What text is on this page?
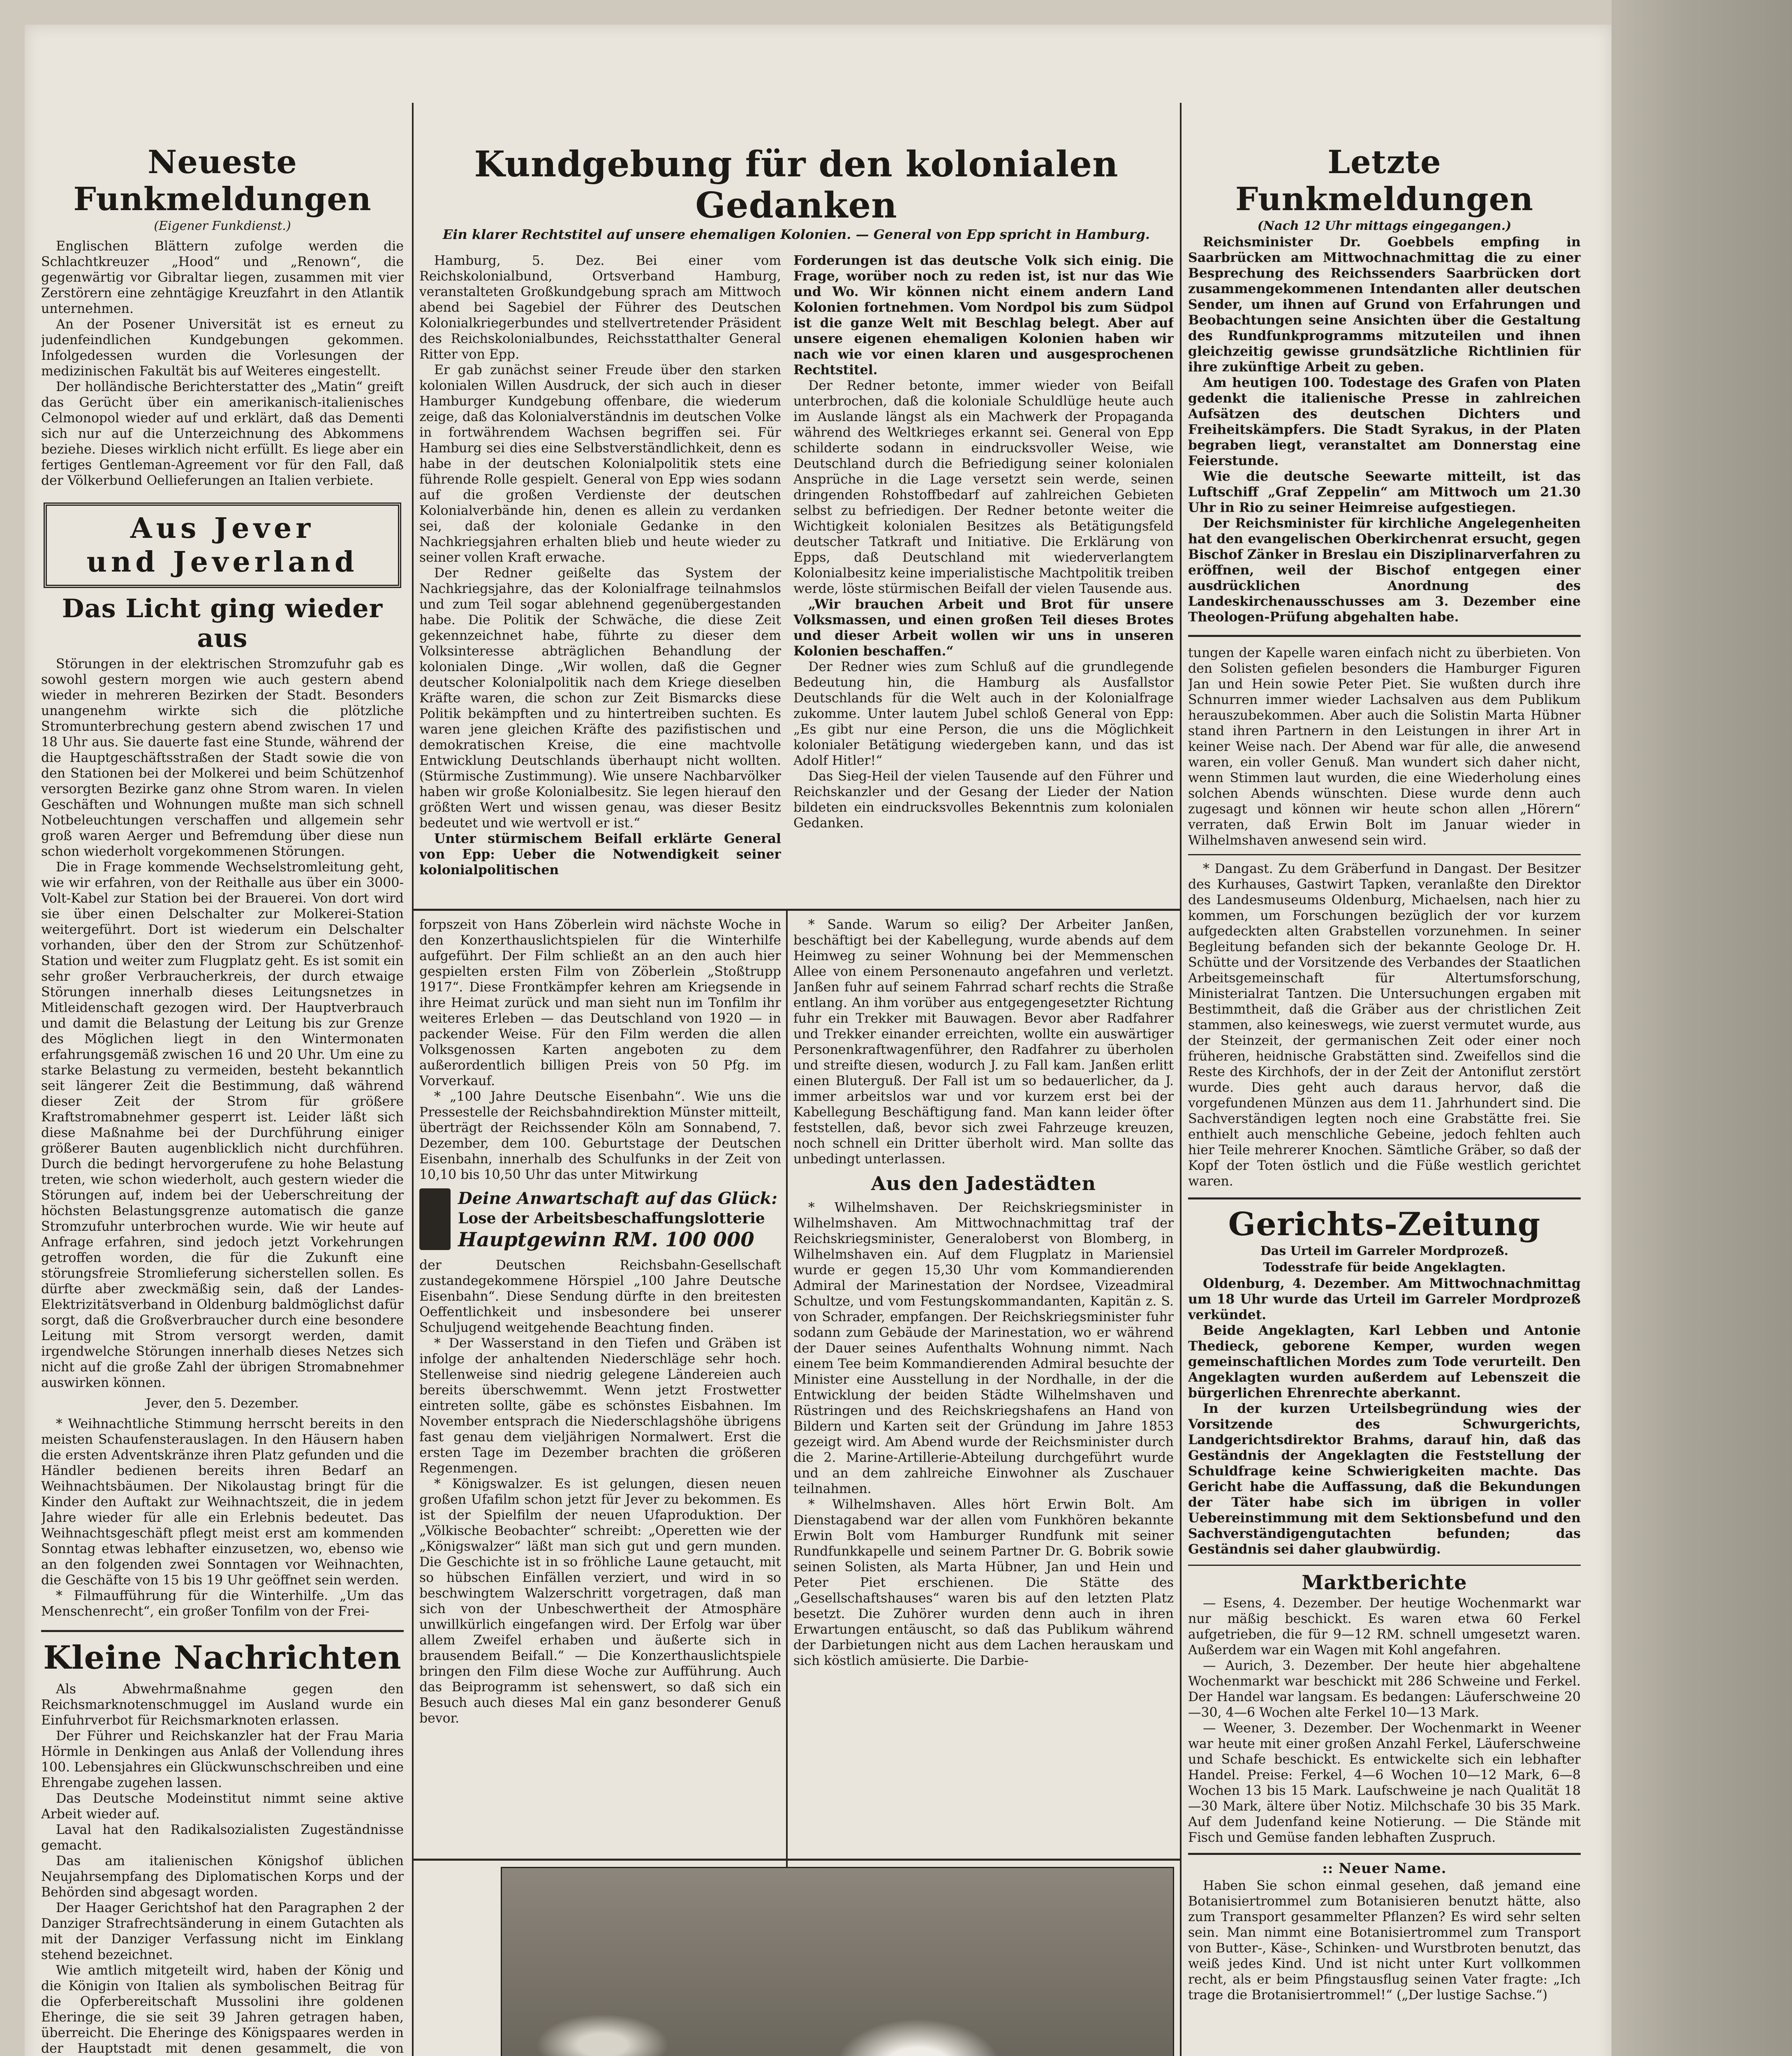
Neueste Funkmeldungen

(Eigener Funkdienst.)

Englischen Blättern zufolge werden die Schlachtkreuzer „Hood“ und „Renown“, die gegenwärtig vor Gibraltar liegen, zusammen mit vier Zerstörern eine zehntägige Kreuzfahrt in den Atlantik unternehmen.

An der Posener Universität ist es erneut zu judenfeindlichen Kundgebungen gekommen. Infolgedessen wurden die Vorlesungen der medizinischen Fakultät bis auf Weiteres eingestellt.

Der holländische Berichterstatter des „Matin“ greift das Gerücht über ein amerikanisch-italienisches Celmonopol wieder auf und erklärt, daß das Dementi sich nur auf die Unterzeichnung des Abkommens beziehe. Dieses wirklich nicht erfüllt. Es liege aber ein fertiges Gentleman-Agreement vor für den Fall, daß der Völkerbund Oellieferungen an Italien verbiete.

Aus Jever
und Jeverland
Das Licht ging wieder aus

Störungen in der elektrischen Stromzufuhr gab es sowohl gestern morgen wie auch gestern abend wieder in mehreren Bezirken der Stadt. Besonders unangenehm wirkte sich die plötzliche Stromunterbrechung gestern abend zwischen 17 und 18 Uhr aus. Sie dauerte fast eine Stunde, während der die Hauptgeschäftsstraßen der Stadt sowie die von den Stationen bei der Molkerei und beim Schützenhof versorgten Bezirke ganz ohne Strom waren. In vielen Geschäften und Wohnungen mußte man sich schnell Notbeleuchtungen verschaffen und allgemein sehr groß waren Aerger und Befremdung über diese nun schon wiederholt vorgekommenen Störungen.

Die in Frage kommende Wechselstromleitung geht, wie wir erfahren, von der Reithalle aus über ein 3000-Volt-Kabel zur Station bei der Brauerei. Von dort wird sie über einen Delschalter zur Molkerei-Station weitergeführt. Dort ist wiederum ein Delschalter vorhanden, über den der Strom zur Schützenhof-Station und weiter zum Flugplatz geht. Es ist somit ein sehr großer Verbraucherkreis, der durch etwaige Störungen innerhalb dieses Leitungsnetzes in Mitleidenschaft gezogen wird. Der Hauptverbrauch und damit die Belastung der Leitung bis zur Grenze des Möglichen liegt in den Wintermonaten erfahrungsgemäß zwischen 16 und 20 Uhr. Um eine zu starke Belastung zu vermeiden, besteht bekanntlich seit längerer Zeit die Bestimmung, daß während dieser Zeit der Strom für größere Kraftstromabnehmer gesperrt ist. Leider läßt sich diese Maßnahme bei der Durchführung einiger größerer Bauten augenblicklich nicht durchführen. Durch die bedingt hervorgerufene zu hohe Belastung treten, wie schon wiederholt, auch gestern wieder die Störungen auf, indem bei der Ueberschreitung der höchsten Belastungsgrenze automatisch die ganze Stromzufuhr unterbrochen wurde. Wie wir heute auf Anfrage erfahren, sind jedoch jetzt Vorkehrungen getroffen worden, die für die Zukunft eine störungsfreie Stromlieferung sicherstellen sollen. Es dürfte aber zweckmäßig sein, daß der Landes-Elektrizitätsverband in Oldenburg baldmöglichst dafür sorgt, daß die Großverbraucher durch eine besondere Leitung mit Strom versorgt werden, damit irgendwelche Störungen innerhalb dieses Netzes sich nicht auf die große Zahl der übrigen Stromabnehmer auswirken können.

Jever, den 5. Dezember.

* Weihnachtliche Stimmung herrscht bereits in den meisten Schaufensterauslagen. In den Häusern haben die ersten Adventskränze ihren Platz gefunden und die Händler bedienen bereits ihren Bedarf an Weihnachtsbäumen. Der Nikolaustag bringt für die Kinder den Auftakt zur Weihnachtszeit, die in jedem Jahre wieder für alle ein Erlebnis bedeutet. Das Weihnachtsgeschäft pflegt meist erst am kommenden Sonntag etwas lebhafter einzusetzen, wo, ebenso wie an den folgenden zwei Sonntagen vor Weihnachten, die Geschäfte von 15 bis 19 Uhr geöffnet sein werden.

* Filmaufführung für die Winterhilfe. „Um das Menschenrecht“, ein großer Tonfilm von der Frei-

Kleine Nachrichten

Als Abwehrmaßnahme gegen den Reichsmarknotenschmuggel im Ausland wurde ein Einfuhrverbot für Reichsmarknoten erlassen.

Der Führer und Reichskanzler hat der Frau Maria Hörmle in Denkingen aus Anlaß der Vollendung ihres 100. Lebensjahres ein Glückwunschschreiben und eine Ehrengabe zugehen lassen.

Das Deutsche Modeinstitut nimmt seine aktive Arbeit wieder auf.

Laval hat den Radikalsozialisten Zugeständnisse gemacht.

Das am italienischen Königshof üblichen Neujahrsempfang des Diplomatischen Korps und der Behörden sind abgesagt worden.

Der Haager Gerichtshof hat den Paragraphen 2 der Danziger Strafrechtsänderung in einem Gutachten als mit der Danziger Verfassung nicht im Einklang stehend bezeichnet.

Wie amtlich mitgeteilt wird, haben der König und die Königin von Italien als symbolischen Beitrag für die Opferbereitschaft Mussolini ihre goldenen Eheringe, die sie seit 39 Jahren getragen haben, überreicht. Die Eheringe des Königspaares werden in der Hauptstadt mit denen gesammelt, die von

Kundgebung für den kolonialen Gedanken

Ein klarer Rechtstitel auf unsere ehemaligen Kolonien. — General von Epp spricht in Hamburg.

Hamburg, 5. Dez. Bei einer vom Reichskolonialbund, Ortsverband Hamburg, veranstalteten Großkundgebung sprach am Mittwoch abend bei Sagebiel der Führer des Deutschen Kolonialkriegerbundes und stellvertretender Präsident des Reichskolonialbundes, Reichsstatthalter General Ritter von Epp.

Er gab zunächst seiner Freude über den starken kolonialen Willen Ausdruck, der sich auch in dieser Hamburger Kundgebung offenbare, die wiederum zeige, daß das Kolonialverständnis im deutschen Volke in fortwährendem Wachsen begriffen sei. Für Hamburg sei dies eine Selbstverständlichkeit, denn es habe in der deutschen Kolonialpolitik stets eine führende Rolle gespielt. General von Epp wies sodann auf die großen Verdienste der deutschen Kolonialverbände hin, denen es allein zu verdanken sei, daß der koloniale Gedanke in den Nachkriegsjahren erhalten blieb und heute wieder zu seiner vollen Kraft erwache.

Der Redner geißelte das System der Nachkriegsjahre, das der Kolonialfrage teilnahmslos und zum Teil sogar ablehnend gegenübergestanden habe. Die Politik der Schwäche, die diese Zeit gekennzeichnet habe, führte zu dieser dem Volksinteresse abträglichen Behandlung der kolonialen Dinge. „Wir wollen, daß die Gegner deutscher Kolonialpolitik nach dem Kriege dieselben Kräfte waren, die schon zur Zeit Bismarcks diese Politik bekämpften und zu hintertreiben suchten. Es waren jene gleichen Kräfte des pazifistischen und demokratischen Kreise, die eine machtvolle Entwicklung Deutschlands überhaupt nicht wollten. (Stürmische Zustimmung). Wie unsere Nachbarvölker haben wir große Kolonialbesitz. Sie legen hierauf den größten Wert und wissen genau, was dieser Besitz bedeutet und wie wertvoll er ist.“

Unter stürmischem Beifall erklärte General von Epp: Ueber die Notwendigkeit seiner kolonialpolitischen

Forderungen ist das deutsche Volk sich einig. Die Frage, worüber noch zu reden ist, ist nur das Wie und Wo. Wir können nicht einem andern Land Kolonien fortnehmen. Vom Nordpol bis zum Südpol ist die ganze Welt mit Beschlag belegt. Aber auf unsere eigenen ehemaligen Kolonien haben wir nach wie vor einen klaren und ausgesprochenen Rechtstitel.

Der Redner betonte, immer wieder von Beifall unterbrochen, daß die koloniale Schuldlüge heute auch im Auslande längst als ein Machwerk der Propaganda während des Weltkrieges erkannt sei. General von Epp schilderte sodann in eindrucksvoller Weise, wie Deutschland durch die Befriedigung seiner kolonialen Ansprüche in die Lage versetzt sein werde, seinen dringenden Rohstoffbedarf auf zahlreichen Gebieten selbst zu befriedigen. Der Redner betonte weiter die Wichtigkeit kolonialen Besitzes als Betätigungsfeld deutscher Tatkraft und Initiative. Die Erklärung von Epps, daß Deutschland mit wiederverlangtem Kolonialbesitz keine imperialistische Machtpolitik treiben werde, löste stürmischen Beifall der vielen Tausende aus.

„Wir brauchen Arbeit und Brot für unsere Volksmassen, und einen großen Teil dieses Brotes und dieser Arbeit wollen wir uns in unseren Kolonien beschaffen.“

Der Redner wies zum Schluß auf die grundlegende Bedeutung hin, die Hamburg als Ausfallstor Deutschlands für die Welt auch in der Kolonialfrage zukomme. Unter lautem Jubel schloß General von Epp: „Es gibt nur eine Person, die uns die Möglichkeit kolonialer Betätigung wiedergeben kann, und das ist Adolf Hitler!“

Das Sieg-Heil der vielen Tausende auf den Führer und Reichskanzler und der Gesang der Lieder der Nation bildeten ein eindrucksvolles Bekenntnis zum kolonialen Gedanken.

forpszeit von Hans Zöberlein wird nächste Woche in den Konzerthauslichtspielen für die Winterhilfe aufgeführt. Der Film schließt an an den auch hier gespielten ersten Film von Zöberlein „Stoßtrupp 1917“. Diese Frontkämpfer kehren am Kriegsende in ihre Heimat zurück und man sieht nun im Tonfilm ihr weiteres Erleben — das Deutschland von 1920 — in packender Weise. Für den Film werden die allen Volksgenossen Karten angeboten zu dem außerordentlich billigen Preis von 50 Pfg. im Vorverkauf.

* „100 Jahre Deutsche Eisenbahn“. Wie uns die Pressestelle der Reichsbahndirektion Münster mitteilt, überträgt der Reichssender Köln am Sonnabend, 7. Dezember, dem 100. Geburtstage der Deutschen Eisenbahn, innerhalb des Schulfunks in der Zeit von 10,10 bis 10,50 Uhr das unter Mitwirkung

Deine Anwartschaft auf das Glück:
Lose der Arbeitsbeschaffungslotterie
Hauptgewinn RM. 100 000

der Deutschen Reichsbahn-Gesellschaft zustandegekommene Hörspiel „100 Jahre Deutsche Eisenbahn“. Diese Sendung dürfte in den breitesten Oeffentlichkeit und insbesondere bei unserer Schuljugend weitgehende Beachtung finden.

* Der Wasserstand in den Tiefen und Gräben ist infolge der anhaltenden Niederschläge sehr hoch. Stellenweise sind niedrig gelegene Ländereien auch bereits überschwemmt. Wenn jetzt Frostwetter eintreten sollte, gäbe es schönstes Eisbahnen. Im November entsprach die Niederschlagshöhe übrigens fast genau dem vieljährigen Normalwert. Erst die ersten Tage im Dezember brachten die größeren Regenmengen.

* Königswalzer. Es ist gelungen, diesen neuen großen Ufafilm schon jetzt für Jever zu bekommen. Es ist der Spielfilm der neuen Ufaproduktion. Der „Völkische Beobachter“ schreibt: „Operetten wie der „Königswalzer“ läßt man sich gut und gern munden. Die Geschichte ist in so fröhliche Laune getaucht, mit so hübschen Einfällen verziert, und wird in so beschwingtem Walzerschritt vorgetragen, daß man sich von der Unbeschwertheit der Atmosphäre unwillkürlich eingefangen wird. Der Erfolg war über allem Zweifel erhaben und äußerte sich in brausendem Beifall.“ — Die Konzerthauslichtspiele bringen den Film diese Woche zur Aufführung. Auch das Beiprogramm ist sehenswert, so daß sich ein Besuch auch dieses Mal ein ganz besonderer Genuß bevor.

* Sande. Warum so eilig? Der Arbeiter Janßen, beschäftigt bei der Kabellegung, wurde abends auf dem Heimweg zu seiner Wohnung bei der Memmenschen Allee von einem Personenauto angefahren und verletzt. Janßen fuhr auf seinem Fahrrad scharf rechts die Straße entlang. An ihm vorüber aus entgegengesetzter Richtung fuhr ein Trekker mit Bauwagen. Bevor aber Radfahrer und Trekker einander erreichten, wollte ein auswärtiger Personenkraftwagenführer, den Radfahrer zu überholen und streifte diesen, wodurch J. zu Fall kam. Janßen erlitt einen Bluterguß. Der Fall ist um so bedauerlicher, da J. immer arbeitslos war und vor kurzem erst bei der Kabellegung Beschäftigung fand. Man kann leider öfter feststellen, daß, bevor sich zwei Fahrzeuge kreuzen, noch schnell ein Dritter überholt wird. Man sollte das unbedingt unterlassen.

Aus den Jadestädten

* Wilhelmshaven. Der Reichskriegsminister in Wilhelmshaven. Am Mittwochnachmittag traf der Reichskriegsminister, Generaloberst von Blomberg, in Wilhelmshaven ein. Auf dem Flugplatz in Mariensiel wurde er gegen 15,30 Uhr vom Kommandierenden Admiral der Marinestation der Nordsee, Vizeadmiral Schultze, und vom Festungskommandanten, Kapitän z. S. von Schrader, empfangen. Der Reichskriegsminister fuhr sodann zum Gebäude der Marinestation, wo er während der Dauer seines Aufenthalts Wohnung nimmt. Nach einem Tee beim Kommandierenden Admiral besuchte der Minister eine Ausstellung in der Nordhalle, in der die Entwicklung der beiden Städte Wilhelmshaven und Rüstringen und des Reichskriegshafens an Hand von Bildern und Karten seit der Gründung im Jahre 1853 gezeigt wird. Am Abend wurde der Reichsminister durch die 2. Marine-Artillerie-Abteilung durchgeführt wurde und an dem zahlreiche Einwohner als Zuschauer teilnahmen.

* Wilhelmshaven. Alles hört Erwin Bolt. Am Dienstagabend war der allen vom Funkhören bekannte Erwin Bolt vom Hamburger Rundfunk mit seiner Rundfunkkapelle und seinem Partner Dr. G. Bobrik sowie seinen Solisten, als Marta Hübner, Jan und Hein und Peter Piet erschienen. Die Stätte des „Gesellschaftshauses“ waren bis auf den letzten Platz besetzt. Die Zuhörer wurden denn auch in ihren Erwartungen entäuscht, so daß das Publikum während der Darbietungen nicht aus dem Lachen herauskam und sich köstlich amüsierte. Die Darbie-

Letzte Funkmeldungen

(Nach 12 Uhr mittags eingegangen.)

Reichsminister Dr. Goebbels empfing in Saarbrücken am Mittwochnachmittag die zu einer Besprechung des Reichssenders Saarbrücken dort zusammengekommenen Intendanten aller deutschen Sender, um ihnen auf Grund von Erfahrungen und Beobachtungen seine Ansichten über die Gestaltung des Rundfunkprogramms mitzuteilen und ihnen gleichzeitig gewisse grundsätzliche Richtlinien für ihre zukünftige Arbeit zu geben.

Am heutigen 100. Todestage des Grafen von Platen gedenkt die italienische Presse in zahlreichen Aufsätzen des deutschen Dichters und Freiheitskämpfers. Die Stadt Syrakus, in der Platen begraben liegt, veranstaltet am Donnerstag eine Feierstunde.

Wie die deutsche Seewarte mitteilt, ist das Luftschiff „Graf Zeppelin“ am Mittwoch um 21.30 Uhr in Rio zu seiner Heimreise aufgestiegen.

Der Reichsminister für kirchliche Angelegenheiten hat den evangelischen Oberkirchenrat ersucht, gegen Bischof Zänker in Breslau ein Disziplinarverfahren zu eröffnen, weil der Bischof entgegen einer ausdrücklichen Anordnung des Landeskirchenausschusses am 3. Dezember eine Theologen-Prüfung abgehalten habe.

tungen der Kapelle waren einfach nicht zu überbieten. Von den Solisten gefielen besonders die Hamburger Figuren Jan und Hein sowie Peter Piet. Sie wußten durch ihre Schnurren immer wieder Lachsalven aus dem Publikum herauszubekommen. Aber auch die Solistin Marta Hübner stand ihren Partnern in den Leistungen in ihrer Art in keiner Weise nach. Der Abend war für alle, die anwesend waren, ein voller Genuß. Man wundert sich daher nicht, wenn Stimmen laut wurden, die eine Wiederholung eines solchen Abends wünschten. Diese wurde denn auch zugesagt und können wir heute schon allen „Hörern“ verraten, daß Erwin Bolt im Januar wieder in Wilhelmshaven anwesend sein wird.

* Dangast. Zu dem Gräberfund in Dangast. Der Besitzer des Kurhauses, Gastwirt Tapken, veranlaßte den Direktor des Landesmuseums Oldenburg, Michaelsen, nach hier zu kommen, um Forschungen bezüglich der vor kurzem aufgedeckten alten Grabstellen vorzunehmen. In seiner Begleitung befanden sich der bekannte Geologe Dr. H. Schütte und der Vorsitzende des Verbandes der Staatlichen Arbeitsgemeinschaft für Altertumsforschung, Ministerialrat Tantzen. Die Untersuchungen ergaben mit Bestimmtheit, daß die Gräber aus der christlichen Zeit stammen, also keineswegs, wie zuerst vermutet wurde, aus der Steinzeit, der germanischen Zeit oder einer noch früheren, heidnische Grabstätten sind. Zweifellos sind die Reste des Kirchhofs, der in der Zeit der Antoniflut zerstört wurde. Dies geht auch daraus hervor, daß die vorgefundenen Münzen aus dem 11. Jahrhundert sind. Die Sachverständigen legten noch eine Grabstätte frei. Sie enthielt auch menschliche Gebeine, jedoch fehlten auch hier Teile mehrerer Knochen. Sämtliche Gräber, so daß der Kopf der Toten östlich und die Füße westlich gerichtet waren.

Gerichts-Zeitung

Das Urteil im Garreler Mordprozeß.

Todesstrafe für beide Angeklagten.

Oldenburg, 4. Dezember. Am Mittwochnachmittag um 18 Uhr wurde das Urteil im Garreler Mordprozeß verkündet.

Beide Angeklagten, Karl Lebben und Antonie Thedieck, geborene Kemper, wurden wegen gemeinschaftlichen Mordes zum Tode verurteilt. Den Angeklagten wurden außerdem auf Lebenszeit die bürgerlichen Ehrenrechte aberkannt.

In der kurzen Urteilsbegründung wies der Vorsitzende des Schwurgerichts, Landgerichtsdirektor Brahms, darauf hin, daß das Geständnis der Angeklagten die Feststellung der Schuldfrage keine Schwierigkeiten machte. Das Gericht habe die Auffassung, daß die Bekundungen der Täter habe sich im übrigen in voller Uebereinstimmung mit dem Sektionsbefund und den Sachverständigengutachten befunden; das Geständnis sei daher glaubwürdig.

Marktberichte

— Esens, 4. Dezember. Der heutige Wochenmarkt war nur mäßig beschickt. Es waren etwa 60 Ferkel aufgetrieben, die für 9—12 RM. schnell umgesetzt waren. Außerdem war ein Wagen mit Kohl angefahren.

— Aurich, 3. Dezember. Der heute hier abgehaltene Wochenmarkt war beschickt mit 286 Schweine und Ferkel. Der Handel war langsam. Es bedangen: Läuferschweine 20—30, 4—6 Wochen alte Ferkel 10—13 Mark.

— Weener, 3. Dezember. Der Wochenmarkt in Weener war heute mit einer großen Anzahl Ferkel, Läuferschweine und Schafe beschickt. Es entwickelte sich ein lebhafter Handel. Preise: Ferkel, 4—6 Wochen 10—12 Mark, 6—8 Wochen 13 bis 15 Mark. Laufschweine je nach Qualität 18—30 Mark, ältere über Notiz. Milchschafe 30 bis 35 Mark. Auf dem Judenfand keine Notierung. — Die Stände mit Fisch und Gemüse fanden lebhaften Zuspruch.

:: Neuer Name.

Haben Sie schon einmal gesehen, daß jemand eine Botanisiertrommel zum Botanisieren benutzt hätte, also zum Transport gesammelter Pflanzen? Es wird sehr selten sein. Man nimmt eine Botanisiertrommel zum Transport von Butter-, Käse-, Schinken- und Wurstbroten benutzt, das weiß jedes Kind. Und ist nicht unter Kurt vollkommen recht, als er beim Pfingstausflug seinen Vater fragte: „Ich trage die Brotanisiertrommel!“ („Der lustige Sachse.“)
